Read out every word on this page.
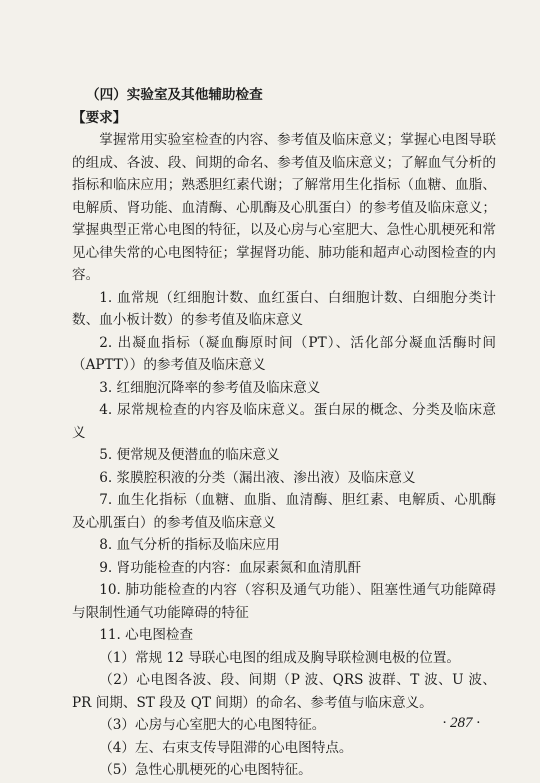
（四）实验室及其他辅助检查
【要求】

掌握常用实验室检查的内容、参考值及临床意义；掌握心电图导联的组成、各波、段、间期的命名、参考值及临床意义；了解血气分析的指标和临床应用；熟悉胆红素代谢；了解常用生化指标（血糖、血脂、电解质、肾功能、血清酶、心肌酶及心肌蛋白）的参考值及临床意义；掌握典型正常心电图的特征，以及心房与心室肥大、急性心肌梗死和常见心律失常的心电图特征；掌握肾功能、肺功能和超声心动图检查的内容。

1. 血常规（红细胞计数、血红蛋白、白细胞计数、白细胞分类计数、血小板计数）的参考值及临床意义

2. 出凝血指标（凝血酶原时间（PT）、活化部分凝血活酶时间（APTT））的参考值及临床意义

3. 红细胞沉降率的参考值及临床意义

4. 尿常规检查的内容及临床意义。蛋白尿的概念、分类及临床意义

5. 便常规及便潜血的临床意义

6. 浆膜腔积液的分类（漏出液、渗出液）及临床意义

7. 血生化指标（血糖、血脂、血清酶、胆红素、电解质、心肌酶及心肌蛋白）的参考值及临床意义

8. 血气分析的指标及临床应用

9. 肾功能检查的内容：血尿素氮和血清肌酐

10. 肺功能检查的内容（容积及通气功能）、阻塞性通气功能障碍与限制性通气功能障碍的特征

11. 心电图检查

（1）常规 12 导联心电图的组成及胸导联检测电极的位置。

（2）心电图各波、段、间期（P 波、QRS 波群、T 波、U 波、PR 间期、ST 段及 QT 间期）的命名、参考值与临床意义。

（3）心房与心室肥大的心电图特征。

（4）左、右束支传导阻滞的心电图特点。

（5）急性心肌梗死的心电图特征。

· 287 ·
